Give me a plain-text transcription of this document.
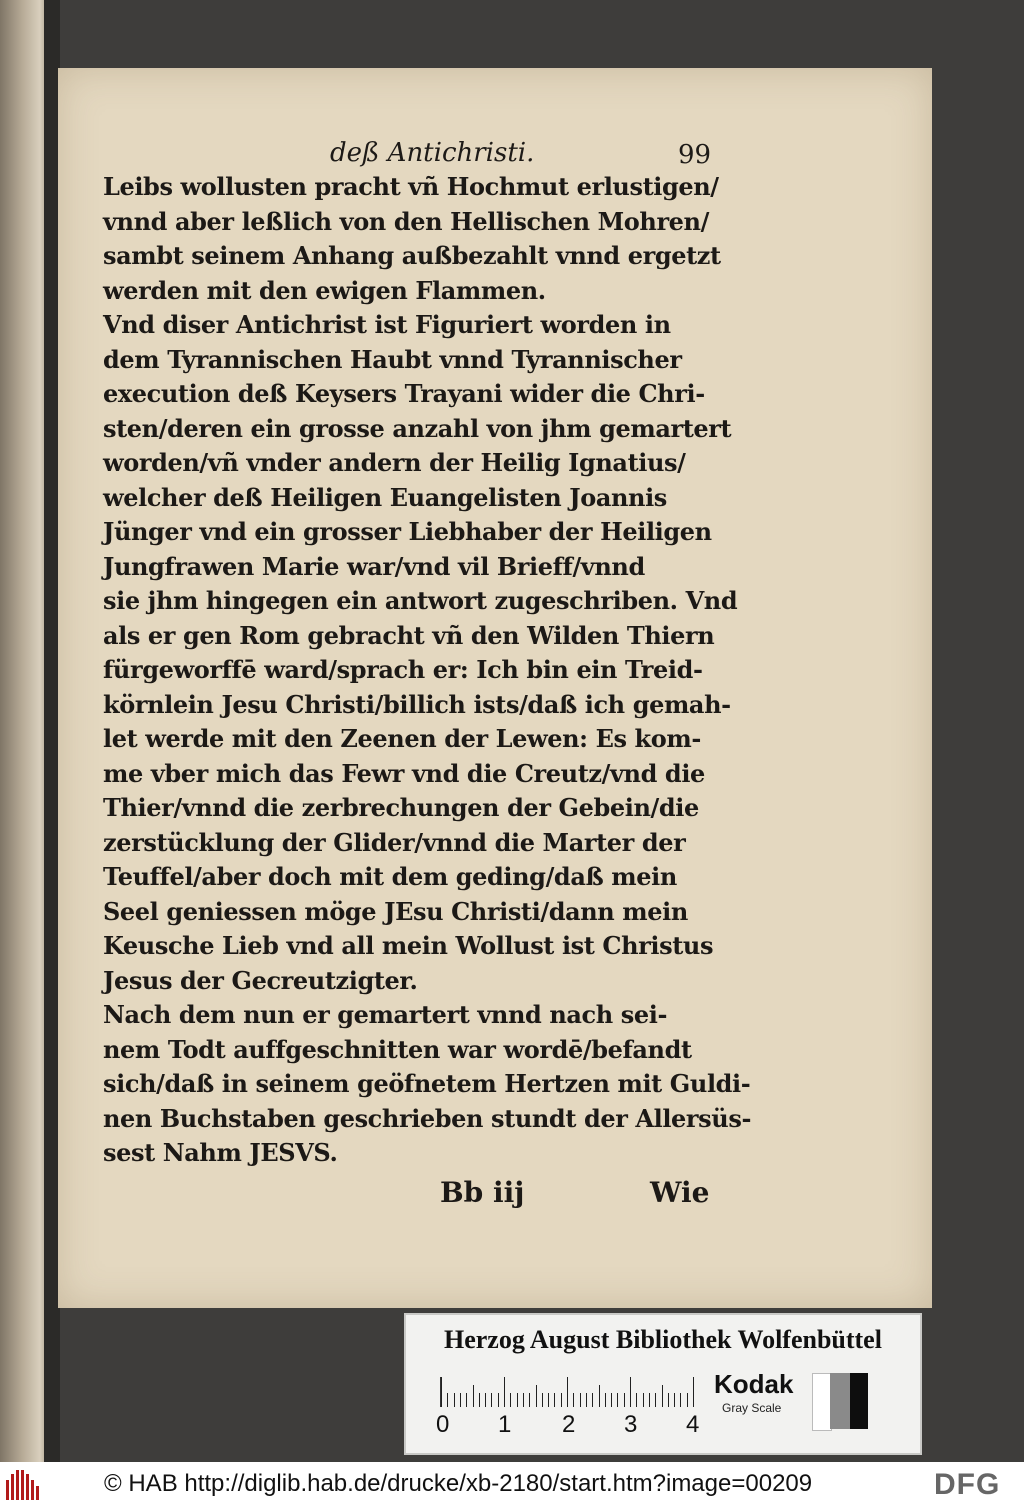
deß Antichristi.	99
Leibs wollusten pracht vñ Hochmut erlustigen/
vnnd aber leßlich von den Hellischen Mohren/
sambt seinem Anhang außbezahlt vnnd ergetzt
werden mit den ewigen Flammen.
Vnd diser Antichrist ist Figuriert worden in
dem Tyrannischen Haubt vnnd Tyrannischer
execution deß Keysers Trayani wider die Chri-
sten/deren ein grosse anzahl von jhm gemartert
worden/vñ vnder andern der Heilig Ignatius/
welcher deß Heiligen Euangelisten Joannis
Jünger vnd ein grosser Liebhaber der Heiligen
Jungfrawen Marie war/vnd vil Brieff/vnnd
sie jhm hingegen ein antwort zugeschriben. Vnd
als er gen Rom gebracht vñ den Wilden Thiern
fürgeworffē ward/sprach er: Ich bin ein Treid-
körnlein Jesu Christi/billich ists/daß ich gemah-
let werde mit den Zeenen der Lewen: Es kom-
me vber mich das Fewr vnd die Creutz/vnd die
Thier/vnnd die zerbrechungen der Gebein/die
zerstücklung der Glider/vnnd die Marter der
Teuffel/aber doch mit dem geding/daß mein
Seel geniessen möge JEsu Christi/dann mein
Keusche Lieb vnd all mein Wollust ist Christus
Jesus der Gecreutzigter.
Nach dem nun er gemartert vnnd nach sei-
nem Todt auffgeschnitten war wordē/befandt
sich/daß in seinem geöfnetem Hertzen mit Guldi-
nen Buchstaben geschrieben stundt der Allersüs-
sest Nahm JESVS.
Bb iij	Wie
Herzog August Bibliothek Wolfenbüttel
0 1 2 3 4
Kodak
Gray Scale
© HAB http://diglib.hab.de/drucke/xb-2180/start.htm?image=00209	DFG
